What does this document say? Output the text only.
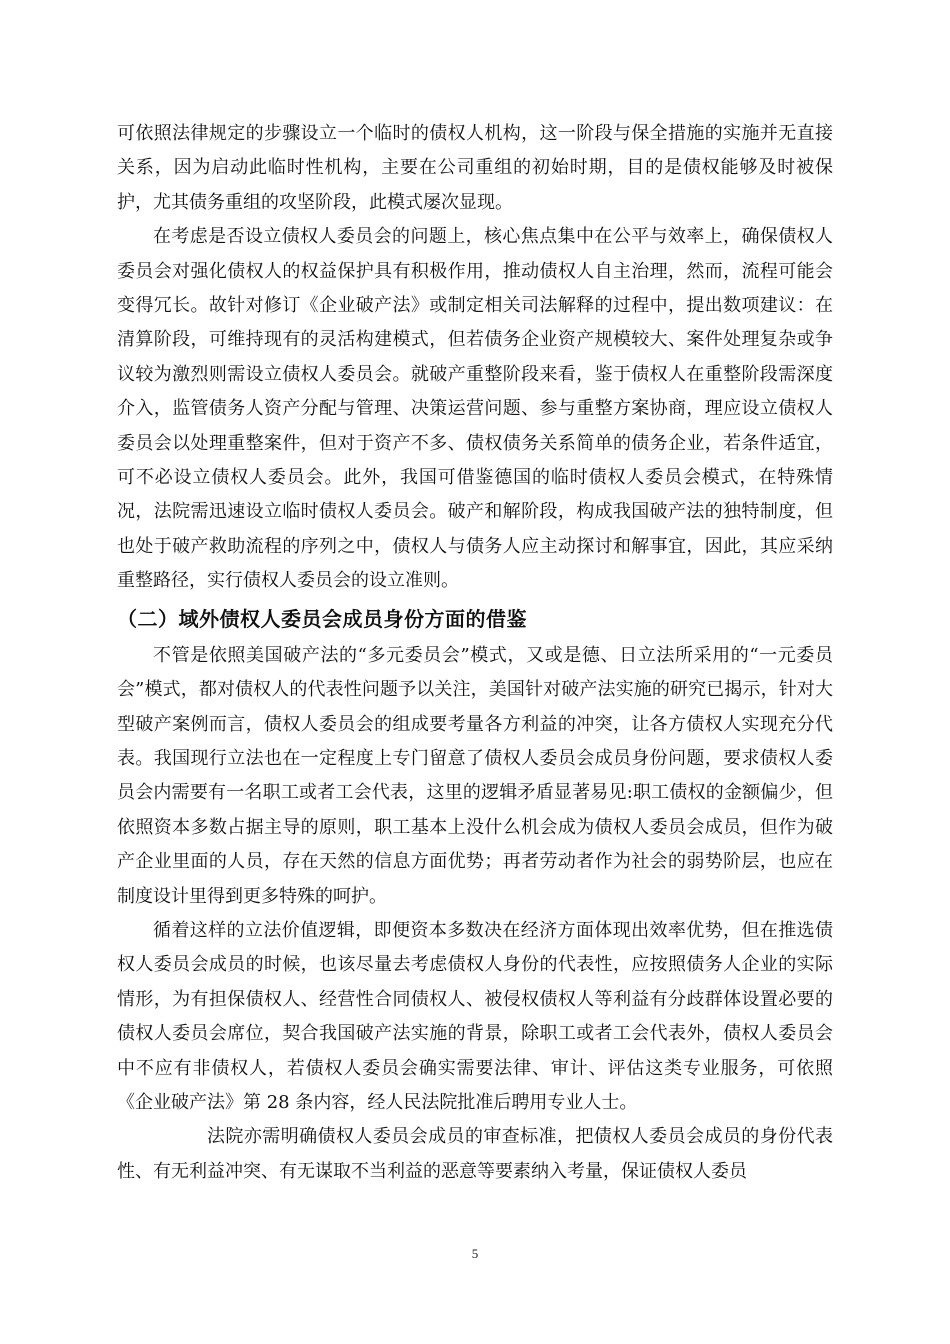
可依照法律规定的步骤设立一个临时的债权人机构，这一阶段与保全措施的实施并无直接关系，因为启动此临时性机构，主要在公司重组的初始时期，目的是债权能够及时被保护，尤其债务重组的攻坚阶段，此模式屡次显现。

在考虑是否设立债权人委员会的问题上，核心焦点集中在公平与效率上，确保债权人委员会对强化债权人的权益保护具有积极作用，推动债权人自主治理，然而，流程可能会变得冗长。故针对修订《企业破产法》或制定相关司法解释的过程中，提出数项建议：在清算阶段，可维持现有的灵活构建模式，但若债务企业资产规模较大、案件处理复杂或争议较为激烈则需设立债权人委员会。就破产重整阶段来看，鉴于债权人在重整阶段需深度介入，监管债务人资产分配与管理、决策运营问题、参与重整方案协商，理应设立债权人委员会以处理重整案件，但对于资产不多、债权债务关系简单的债务企业，若条件适宜，可不必设立债权人委员会。此外，我国可借鉴德国的临时债权人委员会模式，在特殊情况，法院需迅速设立临时债权人委员会。破产和解阶段，构成我国破产法的独特制度，但也处于破产救助流程的序列之中，债权人与债务人应主动探讨和解事宜，因此，其应采纳重整路径，实行债权人委员会的设立准则。

（二）域外债权人委员会成员身份方面的借鉴

不管是依照美国破产法的“多元委员会”模式，又或是德、日立法所采用的“一元委员会”模式，都对债权人的代表性问题予以关注，美国针对破产法实施的研究已揭示，针对大型破产案例而言，债权人委员会的组成要考量各方利益的冲突，让各方债权人实现充分代表。我国现行立法也在一定程度上专门留意了债权人委员会成员身份问题，要求债权人委员会内需要有一名职工或者工会代表，这里的逻辑矛盾显著易见:职工债权的金额偏少，但依照资本多数占据主导的原则，职工基本上没什么机会成为债权人委员会成员，但作为破产企业里面的人员，存在天然的信息方面优势；再者劳动者作为社会的弱势阶层，也应在制度设计里得到更多特殊的呵护。

循着这样的立法价值逻辑，即便资本多数决在经济方面体现出效率优势，但在推选债权人委员会成员的时候，也该尽量去考虑债权人身份的代表性，应按照债务人企业的实际情形，为有担保债权人、经营性合同债权人、被侵权债权人等利益有分歧群体设置必要的债权人委员会席位，契合我国破产法实施的背景，除职工或者工会代表外，债权人委员会中不应有非债权人，若债权人委员会确实需要法律、审计、评估这类专业服务，可依照《企业破产法》第 28 条内容，经人民法院批准后聘用专业人士。

法院亦需明确债权人委员会成员的审查标准，把债权人委员会成员的身份代表性、有无利益冲突、有无谋取不当利益的恶意等要素纳入考量，保证债权人委员

5
